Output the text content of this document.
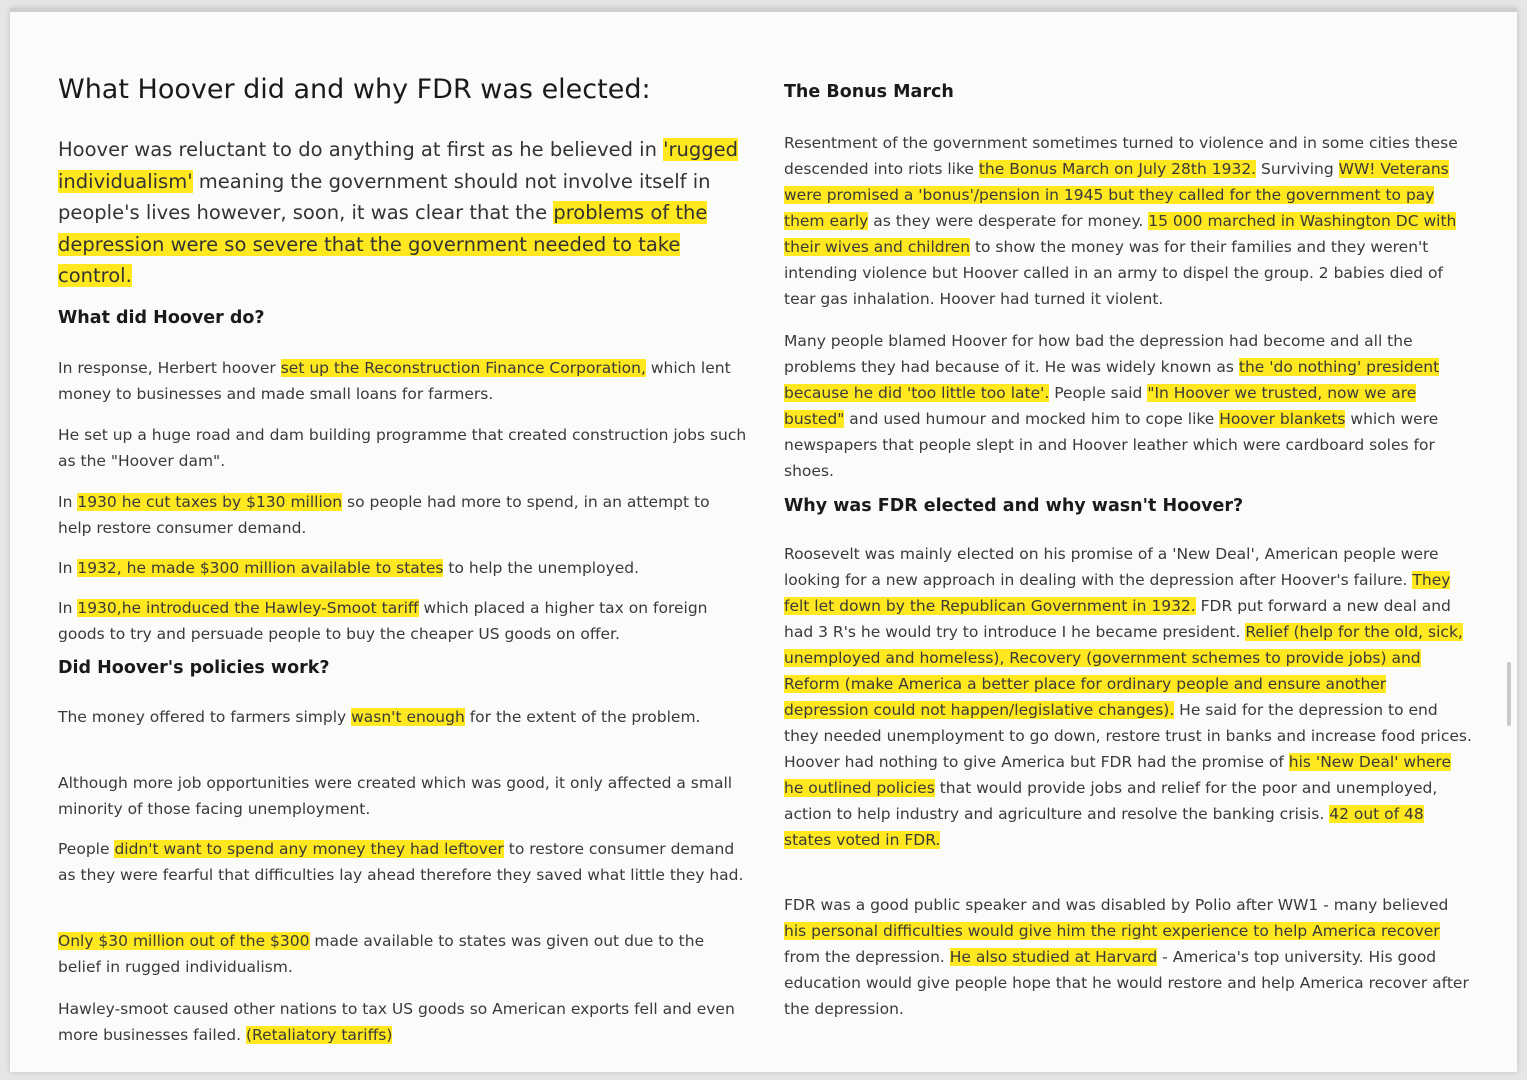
What Hoover did and why FDR was elected:

Hoover was reluctant to do anything at first as he believed in 'rugged individualism' meaning the government should not involve itself in people's lives however, soon, it was clear that the problems of the depression were so severe that the government needed to take control.

What did Hoover do?

In response, Herbert hoover set up the Reconstruction Finance Corporation, which lent money to businesses and made small loans for farmers.

He set up a huge road and dam building programme that created construction jobs such as the "Hoover dam".

In 1930 he cut taxes by $130 million so people had more to spend, in an attempt to help restore consumer demand.

In 1932, he made $300 million available to states to help the unemployed.

In 1930,he introduced the Hawley-Smoot tariff which placed a higher tax on foreign goods to try and persuade people to buy the cheaper US goods on offer.

Did Hoover's policies work?

The money offered to farmers simply wasn't enough for the extent of the problem.

Although more job opportunities were created which was good, it only affected a small minority of those facing unemployment.

People didn't want to spend any money they had leftover to restore consumer demand as they were fearful that difficulties lay ahead therefore they saved what little they had.

Only $30 million out of the $300 made available to states was given out due to the belief in rugged individualism.

Hawley-smoot caused other nations to tax US goods so American exports fell and even more businesses failed. (Retaliatory tariffs)

The Bonus March

Resentment of the government sometimes turned to violence and in some cities these descended into riots like the Bonus March on July 28th 1932. Surviving WW! Veterans were promised a 'bonus'/pension in 1945 but they called for the government to pay them early as they were desperate for money. 15 000 marched in Washington DC with their wives and children to show the money was for their families and they weren't intending violence but Hoover called in an army to dispel the group. 2 babies died of tear gas inhalation. Hoover had turned it violent.

Many people blamed Hoover for how bad the depression had become and all the problems they had because of it. He was widely known as the 'do nothing' president because he did 'too little too late'. People said "In Hoover we trusted, now we are busted" and used humour and mocked him to cope like Hoover blankets which were newspapers that people slept in and Hoover leather which were cardboard soles for shoes.

Why was FDR elected and why wasn't Hoover?

Roosevelt was mainly elected on his promise of a 'New Deal', American people were looking for a new approach in dealing with the depression after Hoover's failure. They felt let down by the Republican Government in 1932. FDR put forward a new deal and had 3 R's he would try to introduce I he became president. Relief (help for the old, sick, unemployed and homeless), Recovery (government schemes to provide jobs) and Reform (make America a better place for ordinary people and ensure another depression could not happen/legislative changes). He said for the depression to end they needed unemployment to go down, restore trust in banks and increase food prices. Hoover had nothing to give America but FDR had the promise of his 'New Deal' where he outlined policies that would provide jobs and relief for the poor and unemployed, action to help industry and agriculture and resolve the banking crisis. 42 out of 48 states voted in FDR.

FDR was a good public speaker and was disabled by Polio after WW1 - many believed his personal difficulties would give him the right experience to help America recover from the depression. He also studied at Harvard - America's top university. His good education would give people hope that he would restore and help America recover after the depression.
